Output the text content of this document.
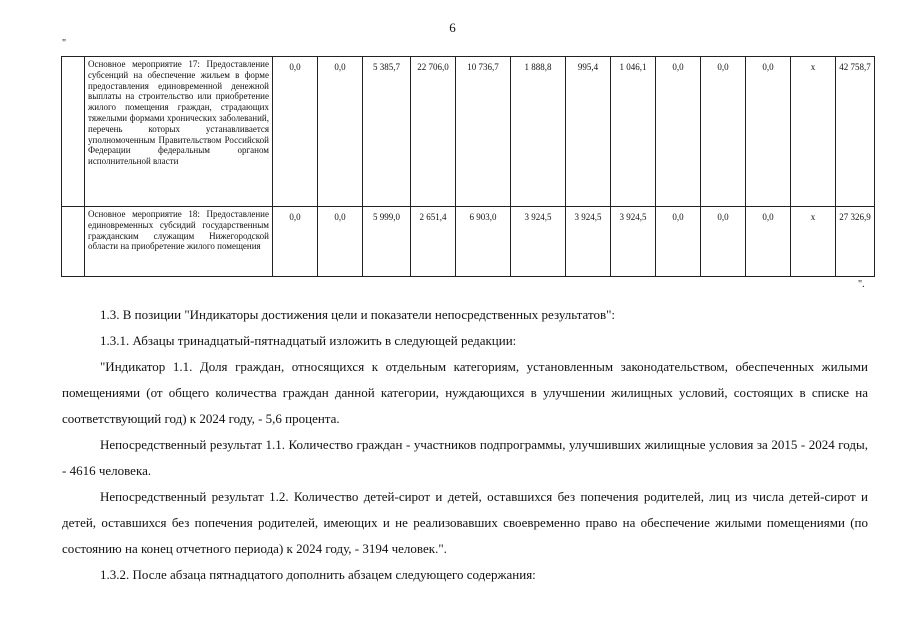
6
"
	Основное мероприятие 17: Предоставление субсенций на обеспечение жильем в форме предоставления единовременной денежной выплаты на строительство или приобретение жилого помещения граждан, страдающих тяжелыми формами хронических заболеваний, перечень которых устанавливается уполномоченным Правительством Российской Федерации федеральным органом исполнительной власти	0,0	0,0	5 385,7	22 706,0	10 736,7	1 888,8	995,4	1 046,1	0,0	0,0	0,0	х	42 758,7
	Основное мероприятие 18: Предоставление единовременных субсидий государственным гражданским служащим Нижегородской области на приобретение жилого помещения	0,0	0,0	5 999,0	2 651,4	6 903,0	3 924,5	3 924,5	3 924,5	0,0	0,0	0,0	х	27 326,9
".

1.3. В позиции "Индикаторы достижения цели и показатели непосредственных результатов":

1.3.1. Абзацы тринадцатый-пятнадцатый изложить в следующей редакции:

"Индикатор 1.1. Доля граждан, относящихся к отдельным категориям, установленным законодательством, обеспеченных жилыми помещениями (от общего количества граждан данной категории, нуждающихся в улучшении жилищных условий, состоящих в списке на соответствующий год) к 2024 году, - 5,6 процента.

Непосредственный результат 1.1. Количество граждан - участников подпрограммы, улучшивших жилищные условия за 2015 - 2024 годы, - 4616 человека.

Непосредственный результат 1.2. Количество детей-сирот и детей, оставшихся без попечения родителей, лиц из числа детей-сирот и детей, оставшихся без попечения родителей, имеющих и не реализовавших своевременно право на обеспечение жилыми помещениями (по состоянию на конец отчетного периода) к 2024 году, - 3194 человек.".

1.3.2. После абзаца пятнадцатого дополнить абзацем следующего содержания:
